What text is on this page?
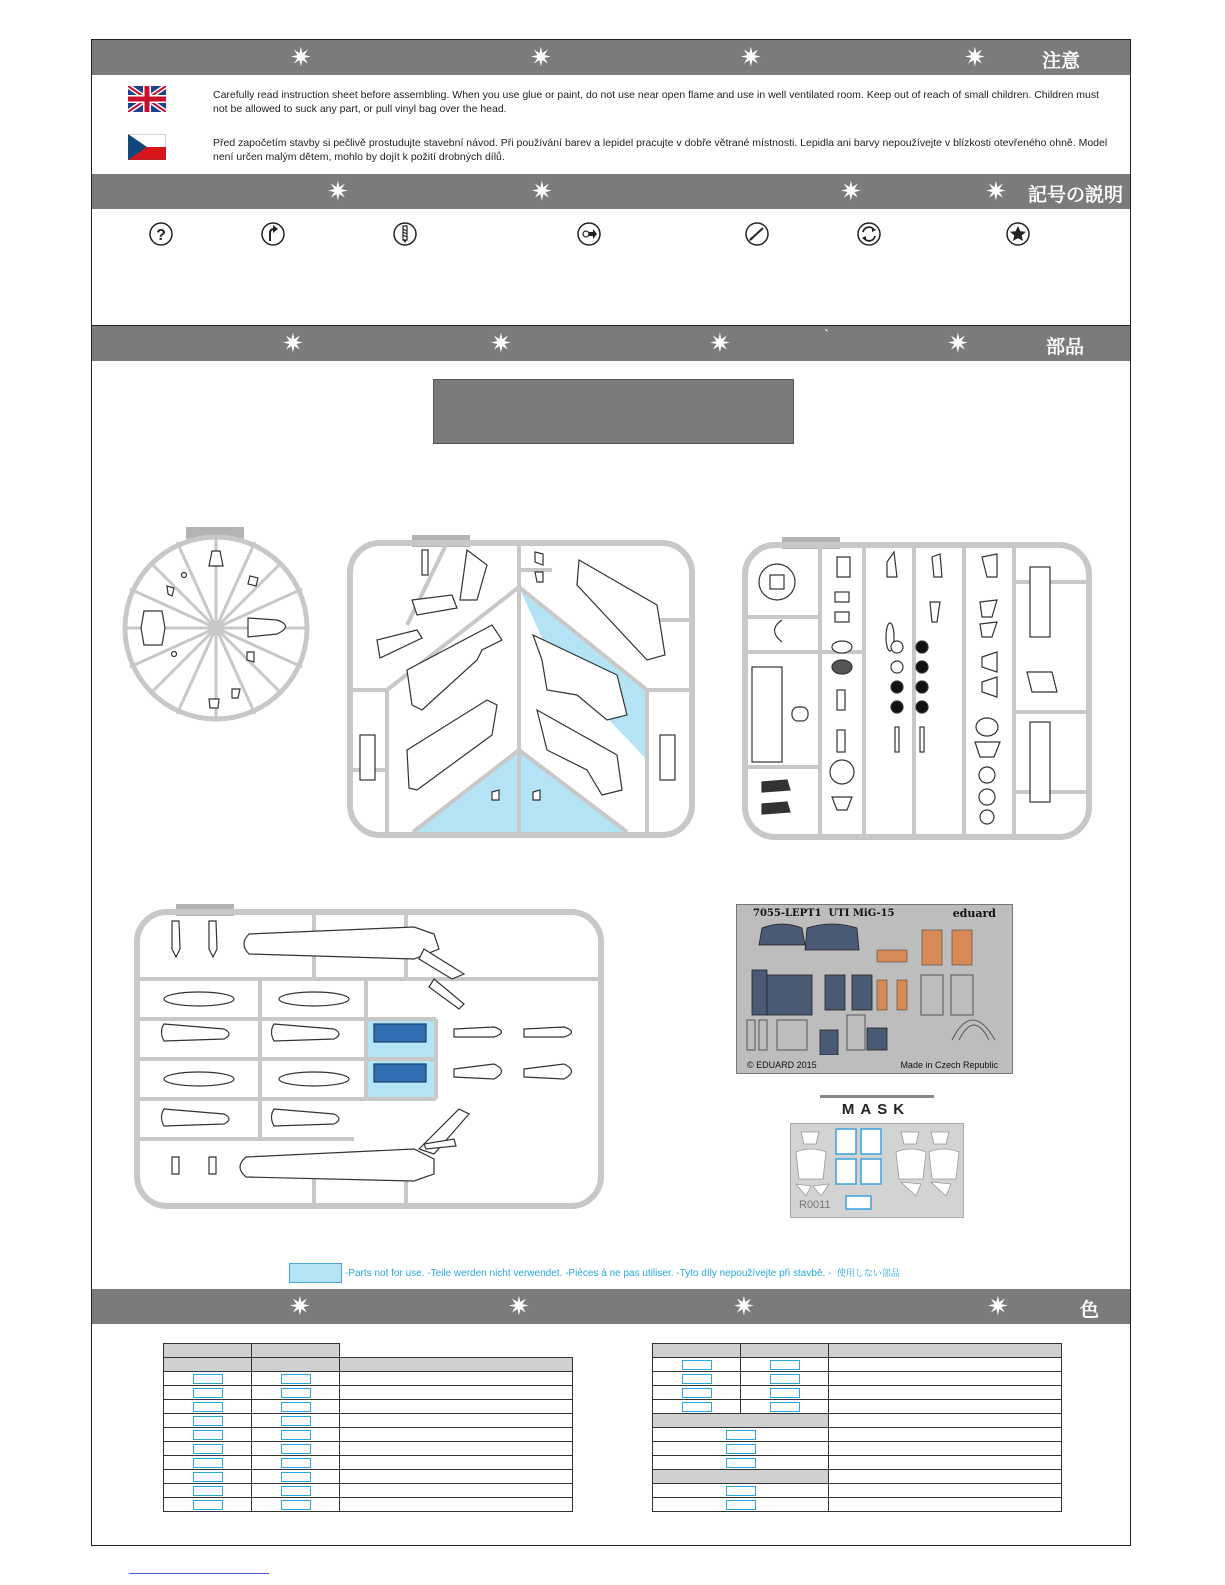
✷	✷	✷	✷	注意
Carefully read instruction sheet before assembling. When you use glue or paint, do not use near open flame and use in well ventilated room. Keep out of reach of small children. Children must not be allowed to suck any part, or pull vinyl bag over the head.
Před započetím stavby si pečlivě prostudujte stavební návod. Při používání barev a lepidel pracujte v dobře větrané místnosti. Lepidla ani barvy nepoužívejte v blízkosti otevřeného ohně. Model není určen malým dětem, mohlo by dojít k požití drobných dílů.
✷	✷	✷	✷ 記号の説明
?
✷	✷	✷	✷
`
部品
7055-LEPT1 UTI MiG-15	eduard
© EDUARD 2015	Made in Czech Republic
MASK
R0011
-Parts not for use. -Teile werden nicht verwendet. -Pièces à ne pas utiliser. -Tyto díly nepoužívejte při stavbě. - 使用しない部品
✷	✷	✷	✷	色
